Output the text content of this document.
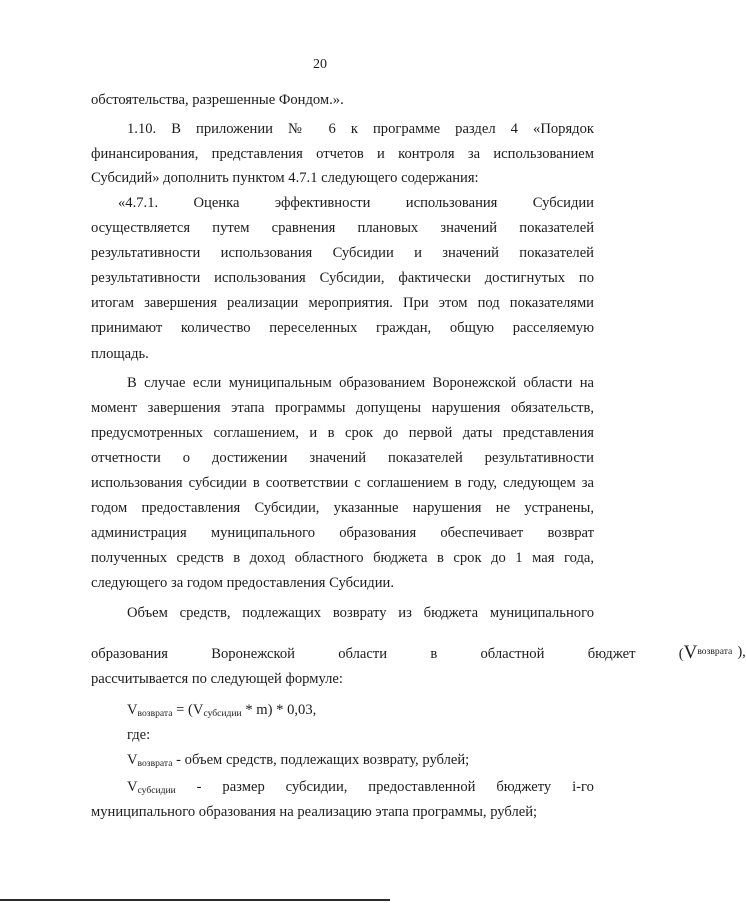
20
обстоятельства, разрешенные Фондом.».
1.10. В приложении № 6 к программе раздел 4 «Порядок
финансирования, представления отчетов и контроля за использованием
Субсидий» дополнить пунктом 4.7.1 следующего содержания:
«4.7.1. Оценка эффективности использования Субсидии
осуществляется путем сравнения плановых значений показателей
результативности использования Субсидии и значений показателей
результативности использования Субсидии, фактически достигнутых по
итогам завершения реализации мероприятия. При этом под показателями
принимают количество переселенных граждан, общую расселяемую
площадь.
В случае если муниципальным образованием Воронежской области на
момент завершения этапа программы допущены нарушения обязательств,
предусмотренных соглашением, и в срок до первой даты представления
отчетности о достижении значений показателей результативности
использования субсидии в соответствии с соглашением в году, следующем за
годом предоставления Субсидии, указанные нарушения не устранены,
администрация муниципального образования обеспечивает возврат
полученных средств в доход областного бюджета в срок до 1 мая года,
следующего за годом предоставления Субсидии.
Объем средств, подлежащих возврату из бюджета муниципального
образования  Воронежской  области  в  областной  бюджет  ( V возврата ),
рассчитывается по следующей формуле:
$V_{возврата} = (V_{субсидии} * m) * 0,03$,
где:
$V_{возврата}$ - объем средств, подлежащих возврату, рублей;
$V_{субсидии}$ - размер субсидии, предоставленной бюджету i-го
муниципального образования на реализацию этапа программы, рублей;
